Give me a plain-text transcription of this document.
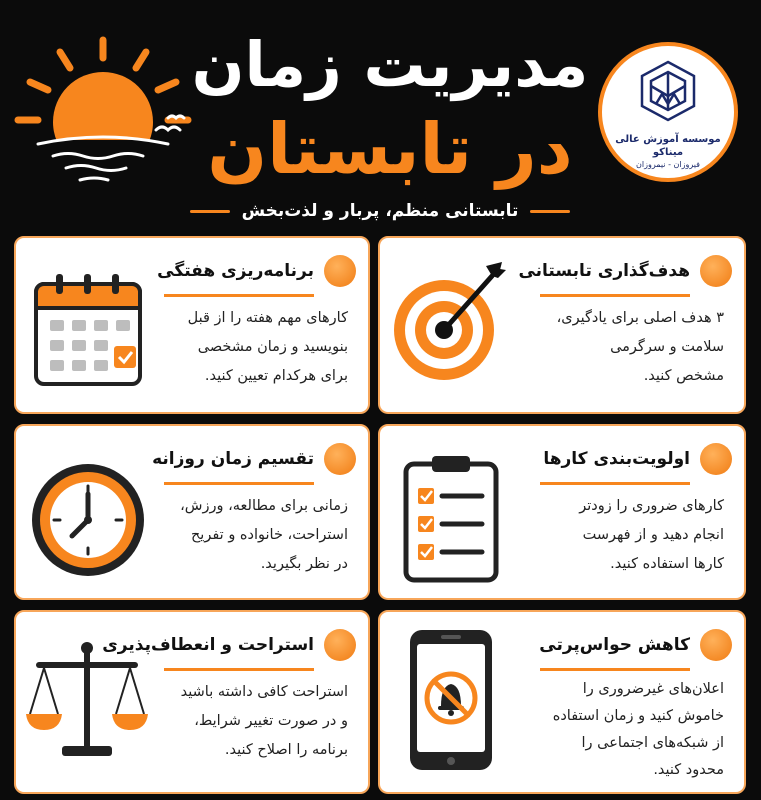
مدیریت زمان
در تابستان	موسسه آموزش عالی میناکو
فیروزان - نیمروزان
تابستانی منظم، پربار و لذت‌بخش
هدف‌گذاری تابستانی
۳ هدف اصلی برای یادگیری،
سلامت و سرگرمی
مشخص کنید.
برنامه‌ریزی هفتگی
کارهای مهم هفته را از قبل
بنویسید و زمان مشخصی
برای هرکدام تعیین کنید.
اولویت‌بندی کارها
کارهای ضروری را زودتر
انجام دهید و از فهرست
کارها استفاده کنید.
تقسیم زمان روزانه
زمانی برای مطالعه، ورزش،
استراحت، خانواده و تفریح
در نظر بگیرید.
کاهش حواس‌پرتی
اعلان‌های غیرضروری را
خاموش کنید و زمان استفاده
از شبکه‌های اجتماعی را
محدود کنید.
استراحت و انعطاف‌پذیری
استراحت کافی داشته باشید
و در صورت تغییر شرایط،
برنامه را اصلاح کنید.
